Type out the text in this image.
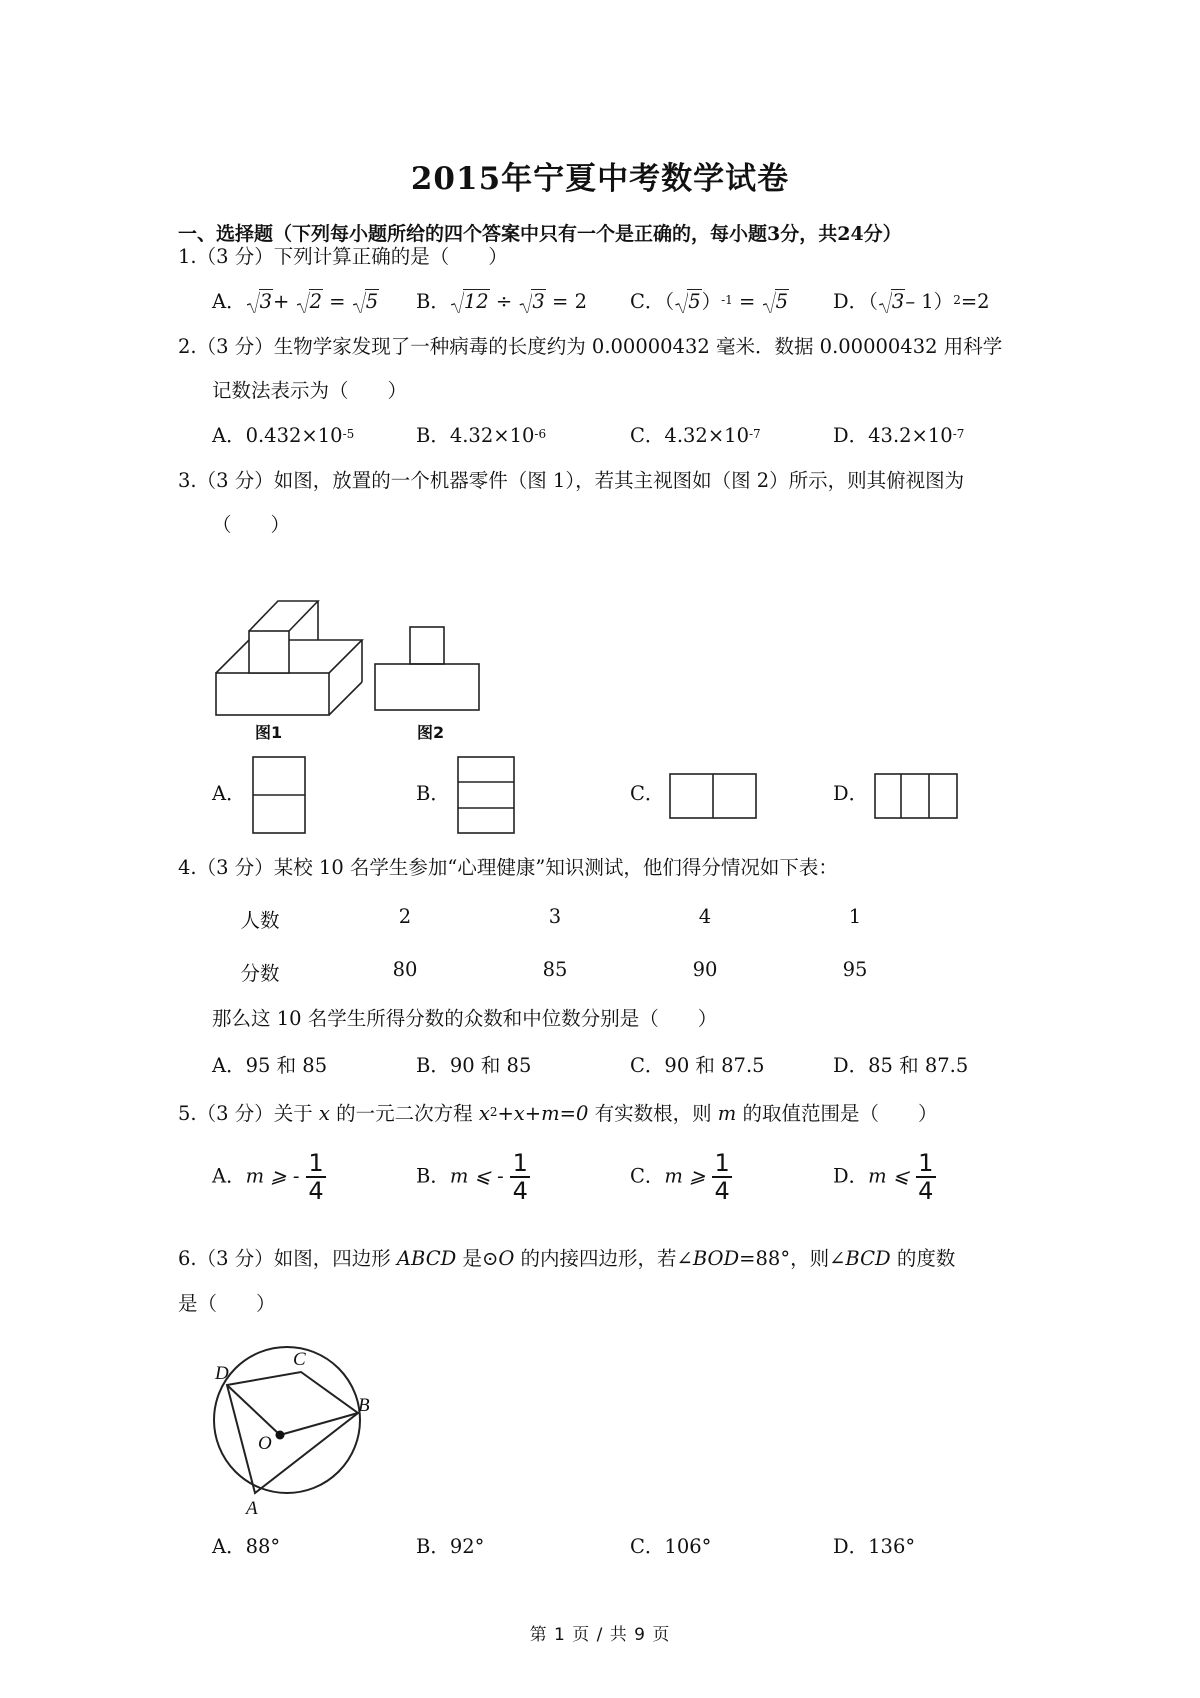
2015年宁夏中考数学试卷
一、选择题（下列每小题所给的四个答案中只有一个是正确的，每小题3分，共24分）
1.（3 分）下列计算正确的是（　　）
A． 3+ 2 = 5 B． 12 ÷ 3 = 2 C．（ 5）$^{-1}$ = 5 D．（ 3– 1）$^2$=2
2.（3 分）生物学家发现了一种病毒的长度约为 0.00000432 毫米．数据 0.00000432 用科学
记数法表示为（　　）
A．$0.432\times 10^{-5}$	B．$4.32\times 10^{-6}$	C．$4.32\times 10^{-7}$	D．$43.2\times 10^{-7}$
3.（3 分）如图，放置的一个机器零件（图 1），若其主视图如（图 2）所示，则其俯视图为
（　　）
图1	图2
A．	B．	C．	D．
4.（3 分）某校 10 名学生参加“心理健康”知识测试，他们得分情况如下表：
人数	2	3	4	1
分数	80	85	90	95
那么这 10 名学生所得分数的众数和中位数分别是（　　）
A．95 和 85	B．90 和 85	C．90 和 87.5	D．85 和 87.5
5.（3 分）关于 x 的一元二次方程 $x^2+x+m=0$ 有实数根，则 m 的取值范围是（　　）
A．m ⩾ - $\frac{1}{4}$	B．m ⩽ - $\frac{1}{4}$	C．m ⩾ $\frac{1}{4}$	D．m ⩽ $\frac{1}{4}$
6.（3 分）如图，四边形 ABCD 是⊙O 的内接四边形，若∠BOD=88°，则∠BCD 的度数
是（　　）
D
C
B
O
A
A．88°	B．92°	C．106°	D．136°
第 1 页 / 共 9 页
